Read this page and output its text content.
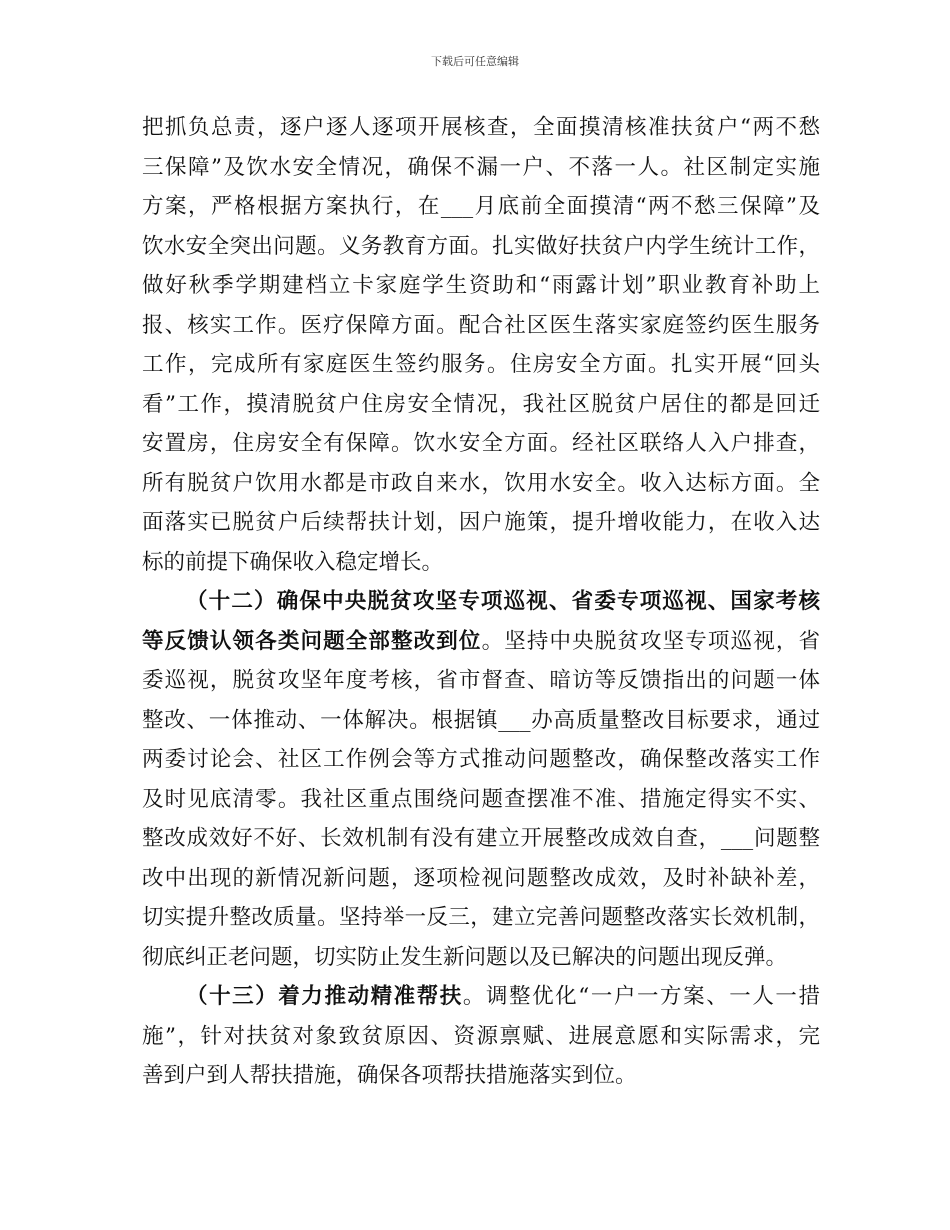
下载后可任意编辑
把抓负总责，逐户逐人逐项开展核查，全面摸清核准扶贫户“两不愁
三保障”及饮水安全情况，确保不漏一户、不落一人。社区制定实施
方案，严格根据方案执行，在___月底前全面摸清“两不愁三保障”及
饮水安全突出问题。义务教育方面。扎实做好扶贫户内学生统计工作，
做好秋季学期建档立卡家庭学生资助和“雨露计划”职业教育补助上
报、核实工作。医疗保障方面。配合社区医生落实家庭签约医生服务
工作，完成所有家庭医生签约服务。住房安全方面。扎实开展“回头
看”工作，摸清脱贫户住房安全情况，我社区脱贫户居住的都是回迁
安置房，住房安全有保障。饮水安全方面。经社区联络人入户排查，
所有脱贫户饮用水都是市政自来水，饮用水安全。收入达标方面。全
面落实已脱贫户后续帮扶计划，因户施策，提升增收能力，在收入达
标的前提下确保收入稳定增长。
（十二）确保中央脱贫攻坚专项巡视、省委专项巡视、国家考核
等反馈认领各类问题全部整改到位。坚持中央脱贫攻坚专项巡视，省
委巡视，脱贫攻坚年度考核，省市督查、暗访等反馈指出的问题一体
整改、一体推动、一体解决。根据镇___办高质量整改目标要求，通过
两委讨论会、社区工作例会等方式推动问题整改，确保整改落实工作
及时见底清零。我社区重点围绕问题查摆准不准、措施定得实不实、
整改成效好不好、长效机制有没有建立开展整改成效自查，___问题整
改中出现的新情况新问题，逐项检视问题整改成效，及时补缺补差，
切实提升整改质量。坚持举一反三，建立完善问题整改落实长效机制，
彻底纠正老问题，切实防止发生新问题以及已解决的问题出现反弹。
（十三）着力推动精准帮扶。调整优化“一户一方案、一人一措
施”，针对扶贫对象致贫原因、资源禀赋、进展意愿和实际需求，完
善到户到人帮扶措施，确保各项帮扶措施落实到位。
